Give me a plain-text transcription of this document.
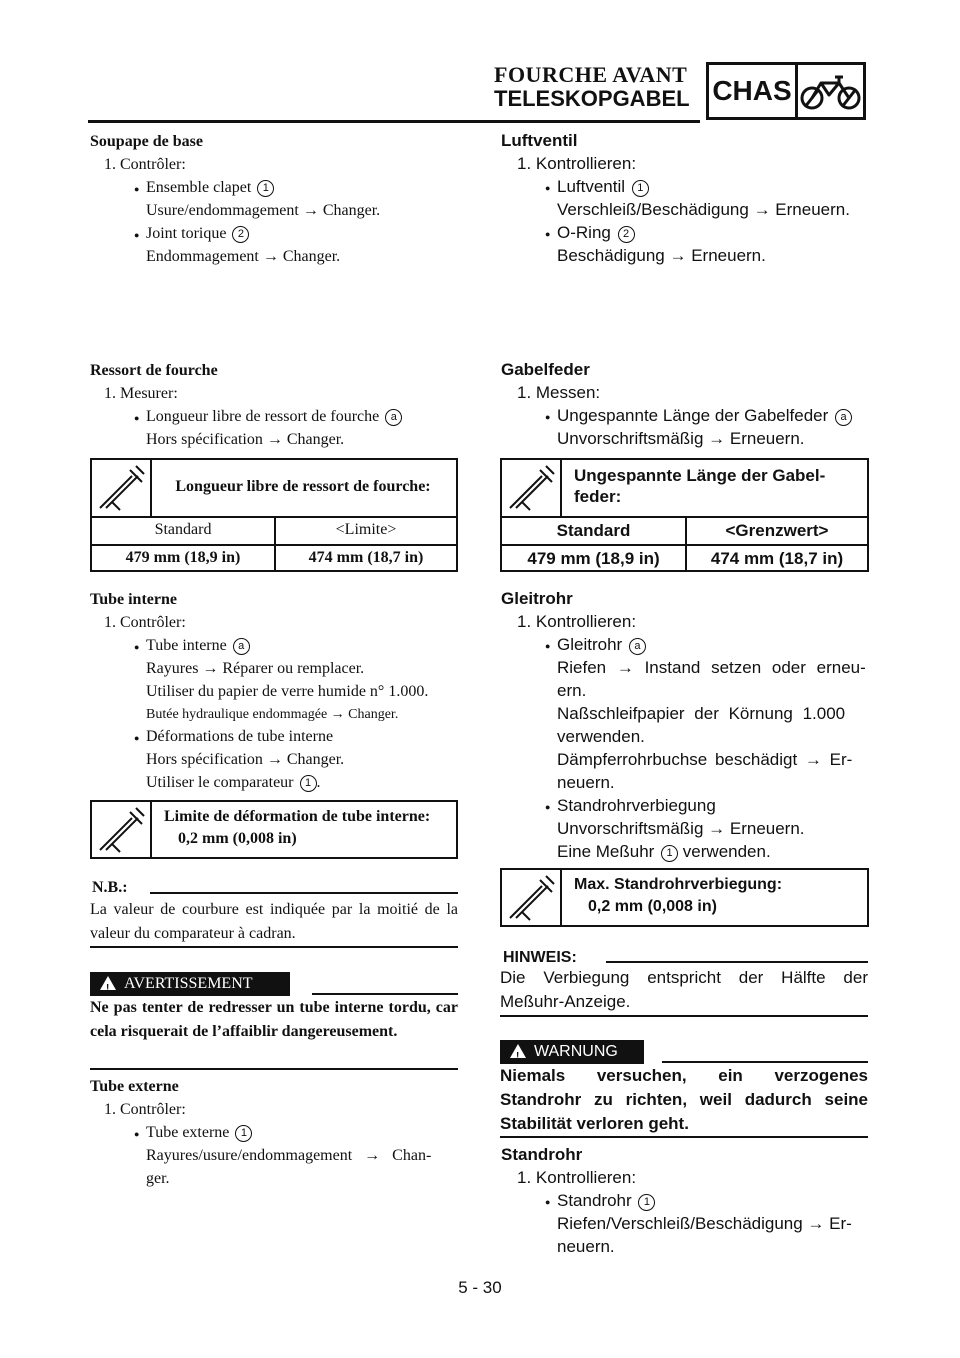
FOURCHE AVANT
TELESKOPGABEL CHAS
Soupape de base
1. Contrôler:
● Ensemble clapet 1
Usure/endommagement → Changer.
● Joint torique 2
Endommagement → Changer.
Ressort de fourche
1. Mesurer:
● Longueur libre de ressort de fourche a
Hors spécification → Changer.
Longueur libre de ressort de fourche:
Standard	<Limite>
479 mm (18,9 in)	474 mm (18,7 in)
Tube interne
1. Contrôler:
● Tube interne a
Rayures → Réparer ou remplacer.
Utiliser du papier de verre humide n° 1.000.
Butée hydraulique endommagée → Changer.
● Déformations de tube interne
Hors spécification → Changer.
Utiliser le comparateur 1 .
Limite de déformation de tube interne:
0,2 mm (0,008 in)
N.B.:
La valeur de courbure est indiquée par la moitié de la valeur du comparateur à cadran.
!AVERTISSEMENT
Ne pas tenter de redresser un tube interne tordu, car cela risquerait de l’affaiblir dangereusement.
Tube externe
1. Contrôler:
● Tube externe 1
Rayures/usure/endommagement → Chan-
ger.
Luftventil
1. Kontrollieren:
● Luftventil 1
Verschleiß/Beschädigung → Erneuern.
● O-Ring 2
Beschädigung → Erneuern.
Gabelfeder
1. Messen:
● Ungespannte Länge der Gabelfeder a
Unvorschriftsmäßig → Erneuern.
Ungespannte Länge der Gabel-
feder:
Standard	<Grenzwert>
479 mm (18,9 in)	474 mm (18,7 in)
Gleitrohr
1. Kontrollieren:
● Gleitrohr a
Riefen → Instand setzen oder erneu-
ern.
Naßschleifpapier der Körnung 1.000
verwenden.
Dämpferrohrbuchse beschädigt → Er-
neuern.
● Standrohrverbiegung
Unvorschriftsmäßig → Erneuern.
Eine Meßuhr 1 verwenden.
Max. Standrohrverbiegung:
0,2 mm (0,008 in)
HINWEIS:
Die Verbiegung entspricht der Hälfte der Meßuhr-Anzeige.
!WARNUNG
Niemals versuchen, ein verzogenes Standrohr zu richten, weil dadurch seine Stabilität verloren geht.
Standrohr
1. Kontrollieren:
● Standrohr 1
Riefen/Verschleiß/Beschädigung → Er-
neuern.
5 - 30
